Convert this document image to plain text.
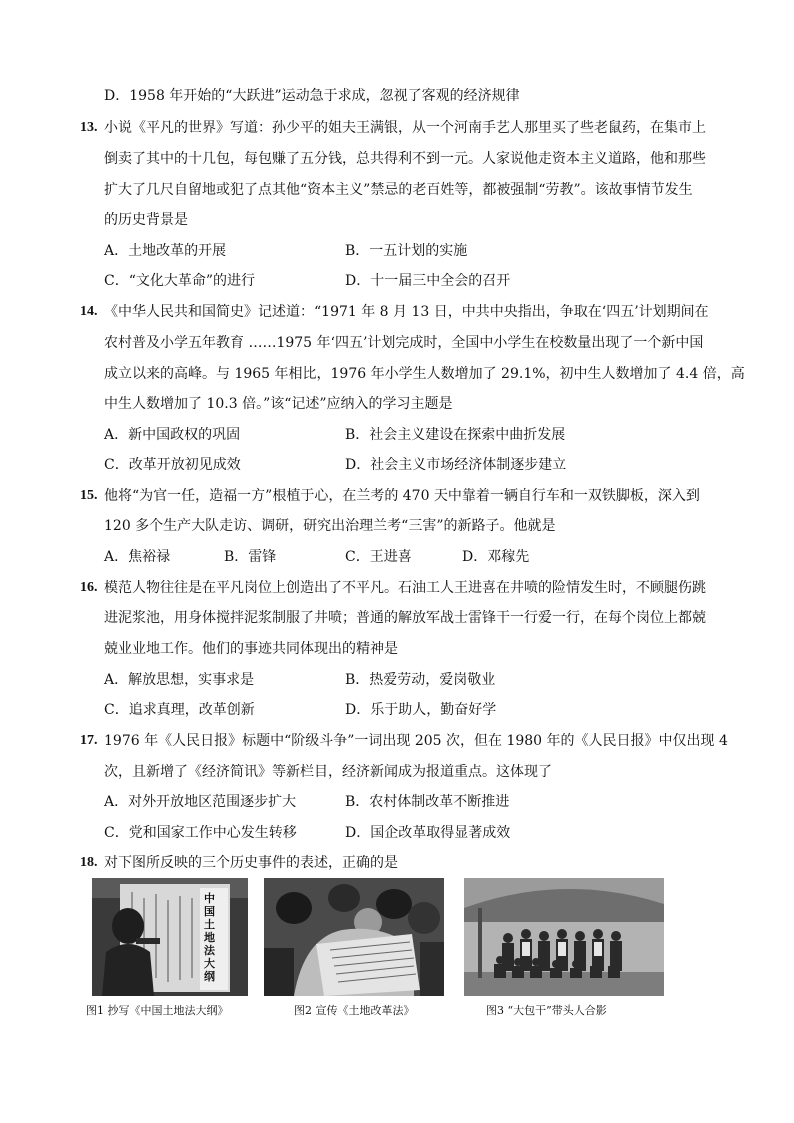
D．1958 年开始的“大跃进”运动急于求成，忽视了客观的经济规律
13. 小说《平凡的世界》写道：孙少平的姐夫王满银，从一个河南手艺人那里买了些老鼠药，在集市上
倒卖了其中的十几包，每包赚了五分钱，总共得利不到一元。人家说他走资本主义道路，他和那些
扩大了几尺自留地或犯了点其他“资本主义”禁忌的老百姓等，都被强制“劳教”。该故事情节发生
的历史背景是
A．土地改革的开展	B．一五计划的实施
C．“文化大革命”的进行	D．十一届三中全会的召开
14. 《中华人民共和国简史》记述道：“1971 年 8 月 13 日，中共中央指出，争取在‘四五’计划期间在
农村普及小学五年教育 ……1975 年‘四五’计划完成时，全国中小学生在校数量出现了一个新中国
成立以来的高峰。与 1965 年相比，1976 年小学生人数增加了 29.1%，初中生人数增加了 4.4 倍，高
中生人数增加了 10.3 倍。”该“记述”应纳入的学习主题是
A．新中国政权的巩固	B．社会主义建设在探索中曲折发展
C．改革开放初见成效	D．社会主义市场经济体制逐步建立
15. 他将“为官一任，造福一方”根植于心，在兰考的 470 天中靠着一辆自行车和一双铁脚板，深入到
120 多个生产大队走访、调研，研究出治理兰考“三害”的新路子。他就是
A．焦裕禄	B．雷锋	C．王进喜	D．邓稼先
16. 模范人物往往是在平凡岗位上创造出了不平凡。石油工人王进喜在井喷的险情发生时，不顾腿伤跳
进泥浆池，用身体搅拌泥浆制服了井喷；普通的解放军战士雷锋干一行爱一行，在每个岗位上都兢
兢业业地工作。他们的事迹共同体现出的精神是
A．解放思想，实事求是	B．热爱劳动，爱岗敬业
C．追求真理，改革创新	D．乐于助人，勤奋好学
17. 1976 年《人民日报》标题中“阶级斗争”一词出现 205 次，但在 1980 年的《人民日报》中仅出现 4
次，且新增了《经济简讯》等新栏目，经济新闻成为报道重点。这体现了
A．对外开放地区范围逐步扩大	B．农村体制改革不断推进
C．党和国家工作中心发生转移	D．国企改革取得显著成效
18. 对下图所反映的三个历史事件的表述，正确的是
中国土地法大纲
图1 抄写《中国土地法大纲》	图2 宣传《土地改革法》	图3 “大包干”带头人合影
